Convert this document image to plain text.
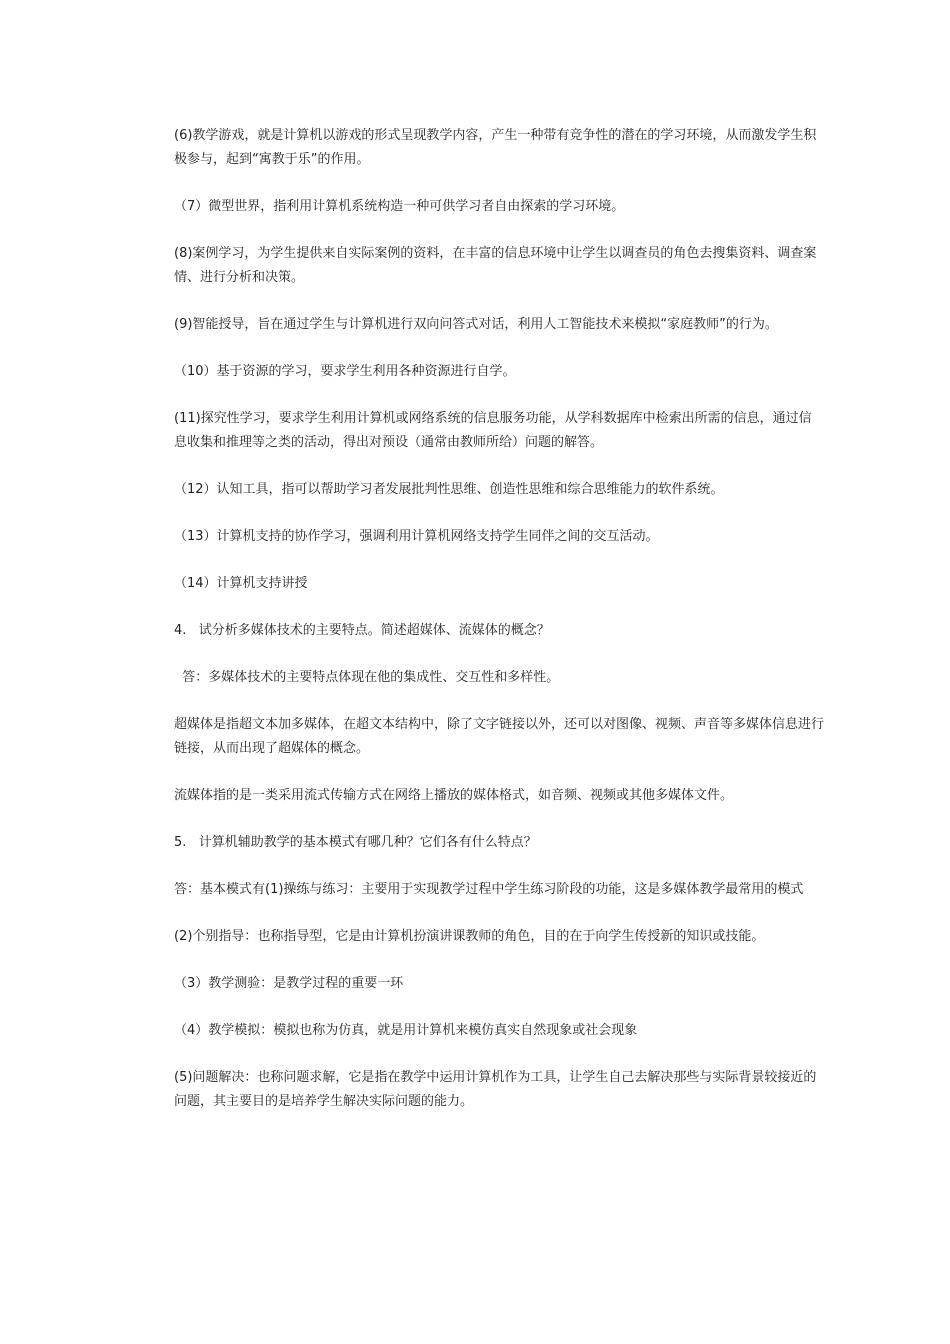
(6)教学游戏，就是计算机以游戏的形式呈现教学内容，产生一种带有竞争性的潜在的学习环境，从而激发学生积极参与，起到“寓教于乐”的作用。

（7）微型世界，指利用计算机系统构造一种可供学习者自由探索的学习环境。

(8)案例学习，为学生提供来自实际案例的资料，在丰富的信息环境中让学生以调查员的角色去搜集资料、调查案情、进行分析和决策。

(9)智能授导，旨在通过学生与计算机进行双向问答式对话，利用人工智能技术来模拟“家庭教师”的行为。

（10）基于资源的学习，要求学生利用各种资源进行自学。

(11)探究性学习，要求学生利用计算机或网络系统的信息服务功能，从学科数据库中检索出所需的信息，通过信息收集和推理等之类的活动，得出对预设（通常由教师所给）问题的解答。

（12）认知工具，指可以帮助学习者发展批判性思维、创造性思维和综合思维能力的软件系统。

（13）计算机支持的协作学习，强调利用计算机网络支持学生同伴之间的交互活动。

（14）计算机支持讲授

4.   试分析多媒体技术的主要特点。简述超媒体、流媒体的概念？

答：多媒体技术的主要特点体现在他的集成性、交互性和多样性。

超媒体是指超文本加多媒体，在超文本结构中，除了文字链接以外，还可以对图像、视频、声音等多媒体信息进行链接，从而出现了超媒体的概念。

流媒体指的是一类采用流式传输方式在网络上播放的媒体格式，如音频、视频或其他多媒体文件。

5.   计算机辅助教学的基本模式有哪几种？它们各有什么特点？

答：基本模式有(1)操练与练习：主要用于实现教学过程中学生练习阶段的功能，这是多媒体教学最常用的模式

(2)个别指导：也称指导型，它是由计算机扮演讲课教师的角色，目的在于向学生传授新的知识或技能。

（3）教学测验：是教学过程的重要一环

（4）教学模拟：模拟也称为仿真，就是用计算机来模仿真实自然现象或社会现象

(5)问题解决：也称问题求解，它是指在教学中运用计算机作为工具，让学生自己去解决那些与实际背景较接近的问题，其主要目的是培养学生解决实际问题的能力。
